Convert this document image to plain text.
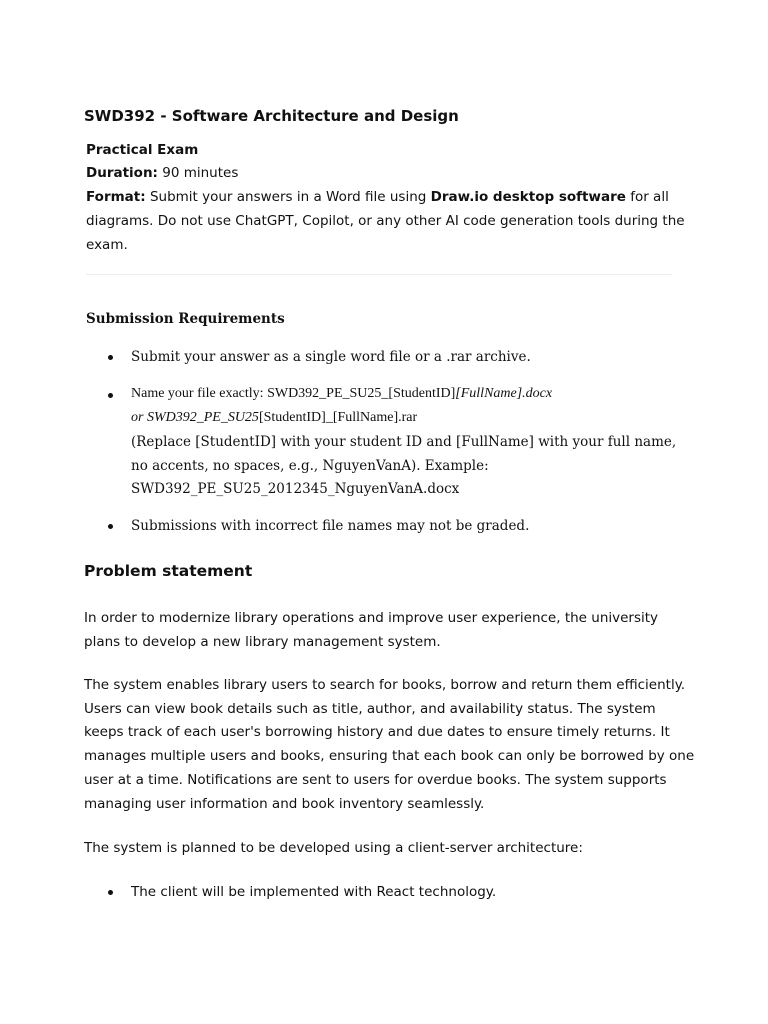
SWD392 - Software Architecture and Design
Practical Exam
Duration: 90 minutes
Format: Submit your answers in a Word file using Draw.io desktop software for all
diagrams. Do not use ChatGPT, Copilot, or any other AI code generation tools during the
exam.
Submission Requirements
Submit your answer as a single word file or a .rar archive.
Name your file exactly: SWD392_PE_SU25_[StudentID][FullName].docx
or SWD392_PE_SU25[StudentID]_[FullName].rar
(Replace [StudentID] with your student ID and [FullName] with your full name,
no accents, no spaces, e.g., NguyenVanA). Example:
SWD392_PE_SU25_2012345_NguyenVanA.docx
Submissions with incorrect file names may not be graded.
Problem statement
In order to modernize library operations and improve user experience, the university
plans to develop a new library management system.
The system enables library users to search for books, borrow and return them efficiently.
Users can view book details such as title, author, and availability status. The system
keeps track of each user's borrowing history and due dates to ensure timely returns. It
manages multiple users and books, ensuring that each book can only be borrowed by one
user at a time. Notifications are sent to users for overdue books. The system supports
managing user information and book inventory seamlessly.
The system is planned to be developed using a client-server architecture:
The client will be implemented with React technology.
